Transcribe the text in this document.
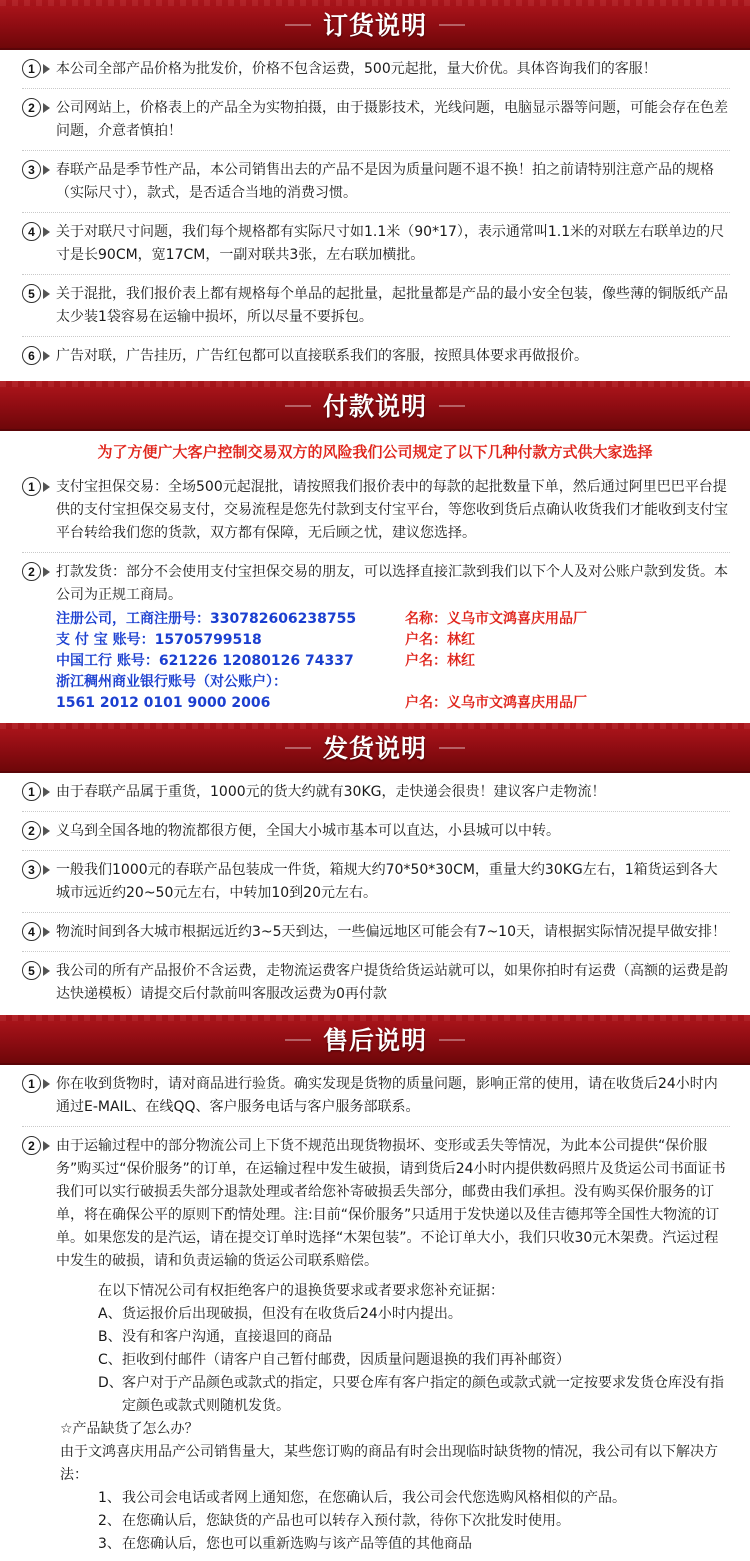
订货说明
1	本公司全部产品价格为批发价，价格不包含运费，500元起批，量大价优。具体咨询我们的客服！
2	公司网站上，价格表上的产品全为实物拍摄，由于摄影技术，光线问题，电脑显示器等问题，可能会存在色差问题，介意者慎拍！
3	春联产品是季节性产品，本公司销售出去的产品不是因为质量问题不退不换！拍之前请特别注意产品的规格（实际尺寸），款式，是否适合当地的消费习惯。
4	关于对联尺寸问题，我们每个规格都有实际尺寸如1.1米（90*17），表示通常叫1.1米的对联左右联单边的尺寸是长90CM，宽17CM，一副对联共3张，左右联加横批。
5	关于混批，我们报价表上都有规格每个单品的起批量，起批量都是产品的最小安全包装，像些薄的铜版纸产品太少装1袋容易在运输中损坏，所以尽量不要拆包。
6	广告对联，广告挂历，广告红包都可以直接联系我们的客服，按照具体要求再做报价。
付款说明
为了方便广大客户控制交易双方的风险我们公司规定了以下几种付款方式供大家选择
1	支付宝担保交易：全场500元起混批，请按照我们报价表中的每款的起批数量下单，然后通过阿里巴巴平台提供的支付宝担保交易支付，交易流程是您先付款到支付宝平台，等您收到货后点确认收货我们才能收到支付宝平台转给我们您的货款，双方都有保障，无后顾之忧，建议您选择。
2	打款发货：部分不会使用支付宝担保交易的朋友，可以选择直接汇款到我们以下个人及对公账户款到发货。本公司为正规工商局。
注册公司，工商注册号：330782606238755	名称：义乌市文鸿喜庆用品厂
支 付 宝 账号：15705799518	户名：林红
中国工行 账号：621226 12080126 74337	户名：林红
浙江稠州商业银行账号（对公账户）：
1561 2012 0101 9000 2006	户名：义乌市文鸿喜庆用品厂
发货说明
1	由于春联产品属于重货，1000元的货大约就有30KG，走快递会很贵！建议客户走物流！
2	义乌到全国各地的物流都很方便，全国大小城市基本可以直达，小县城可以中转。
3	一般我们1000元的春联产品包装成一件货，箱规大约70*50*30CM，重量大约30KG左右，1箱货运到各大城市远近约20~50元左右，中转加10到20元左右。
4	物流时间到各大城市根据远近约3~5天到达，一些偏远地区可能会有7~10天，请根据实际情况提早做安排！
5	我公司的所有产品报价不含运费，走物流运费客户提货给货运站就可以，如果你拍时有运费（高额的运费是韵达快递模板）请提交后付款前叫客服改运费为0再付款
售后说明
1	你在收到货物时，请对商品进行验货。确实发现是货物的质量问题，影响正常的使用，请在收货后24小时内通过E-MAIL、在线QQ、客户服务电话与客户服务部联系。
2	由于运输过程中的部分物流公司上下货不规范出现货物损坏、变形或丢失等情况，为此本公司提供“保价服务”购买过“保价服务”的订单，在运输过程中发生破损，请到货后24小时内提供数码照片及货运公司书面证书我们可以实行破损丢失部分退款处理或者给您补寄破损丢失部分，邮费由我们承担。没有购买保价服务的订单，将在确保公平的原则下酌情处理。注:目前“保价服务”只适用于发快递以及佳吉德邦等全国性大物流的订单。如果您发的是汽运，请在提交订单时选择“木架包装”。不论订单大小，我们只收30元木架费。汽运过程中发生的破损，请和负责运输的货运公司联系赔偿。
在以下情况公司有权拒绝客户的退换货要求或者要求您补充证据：
A、 货运报价后出现破损，但没有在收货后24小时内提出。
B、 没有和客户沟通，直接退回的商品
C、 拒收到付邮件（请客户自己暂付邮费，因质量问题退换的我们再补邮资）
D、 客户对于产品颜色或款式的指定，只要仓库有客户指定的颜色或款式就一定按要求发货仓库没有指定颜色或款式则随机发货。
☆产品缺货了怎么办？
由于文鸿喜庆用品产公司销售量大，某些您订购的商品有时会出现临时缺货物的情况，我公司有以下解决方法：
1、 我公司会电话或者网上通知您，在您确认后，我公司会代您选购风格相似的产品。
2、 在您确认后，您缺货的产品也可以转存入预付款，待你下次批发时使用。
3、 在您确认后，您也可以重新选购与该产品等值的其他商品
